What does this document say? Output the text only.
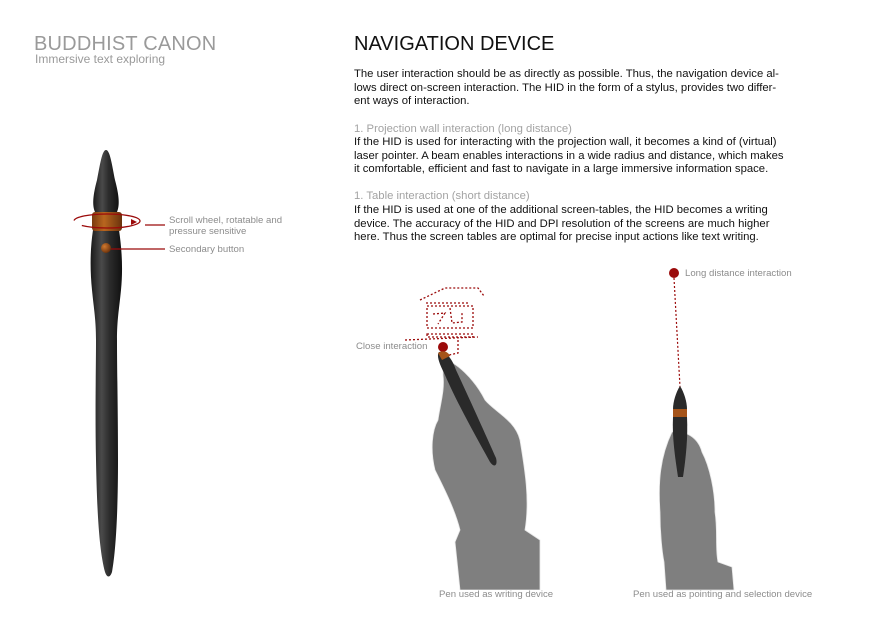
BUDDHIST CANON
Immersive text exploring
NAVIGATION DEVICE
The user interaction should be as directly as possible. Thus, the navigation device al-
lows direct on-screen interaction. The HID in the form of a stylus, provides two differ-
ent ways of interaction.
1. Projection wall interaction (long distance)
If the HID is used for interacting with the projection wall, it becomes a kind of (virtual)
laser pointer. A beam enables interactions in a wide radius and distance, which makes
it comfortable, efficient and fast to navigate in a large immersive information space.
1. Table interaction (short distance)
If the HID is used at one of the additional screen-tables, the HID becomes a writing
device. The accuracy of the HID and DPI resolution of the screens are much higher
here. Thus the screen tables are optimal for precise input actions like text writing.
Scroll wheel, rotatable and
pressure sensitive
Secondary button
Close interaction
Pen used as writing device
Long distance interaction
Pen used as pointing and selection device
